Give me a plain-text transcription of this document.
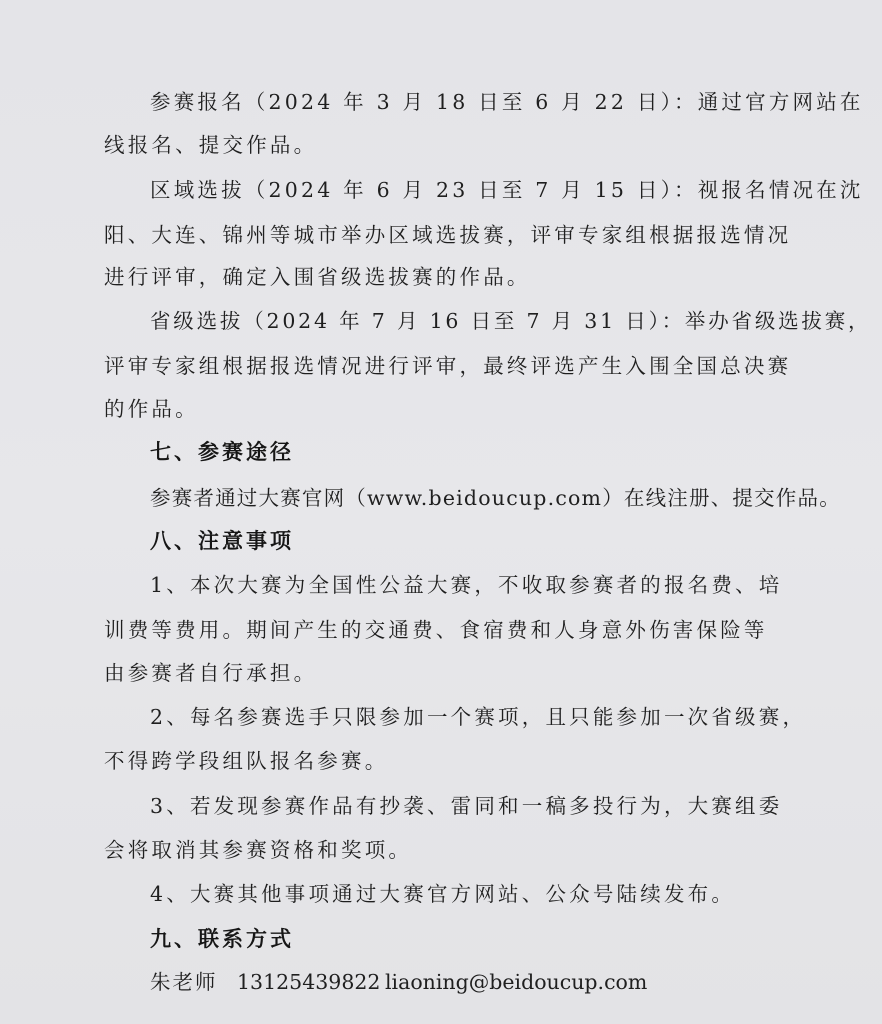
参赛报名（2024 年 3 月 18 日至 6 月 22 日）：通过官方网站在
线报名、提交作品。
区域选拔（2024 年 6 月 23 日至 7 月 15 日）：视报名情况在沈
阳、大连、锦州等城市举办区域选拔赛，评审专家组根据报选情况
进行评审，确定入围省级选拔赛的作品。
省级选拔（2024 年 7 月 16 日至 7 月 31 日）：举办省级选拔赛，
评审专家组根据报选情况进行评审，最终评选产生入围全国总决赛
的作品。
七、参赛途径
参赛者通过大赛官网（www.beidoucup.com）在线注册、提交作品。
八、注意事项
1、本次大赛为全国性公益大赛，不收取参赛者的报名费、培
训费等费用。期间产生的交通费、食宿费和人身意外伤害保险等
由参赛者自行承担。
2、每名参赛选手只限参加一个赛项，且只能参加一次省级赛，
不得跨学段组队报名参赛。
3、若发现参赛作品有抄袭、雷同和一稿多投行为，大赛组委
会将取消其参赛资格和奖项。
4、大赛其他事项通过大赛官方网站、公众号陆续发布。
九、联系方式
朱老师 13125439822 liaoning@beidoucup.com
